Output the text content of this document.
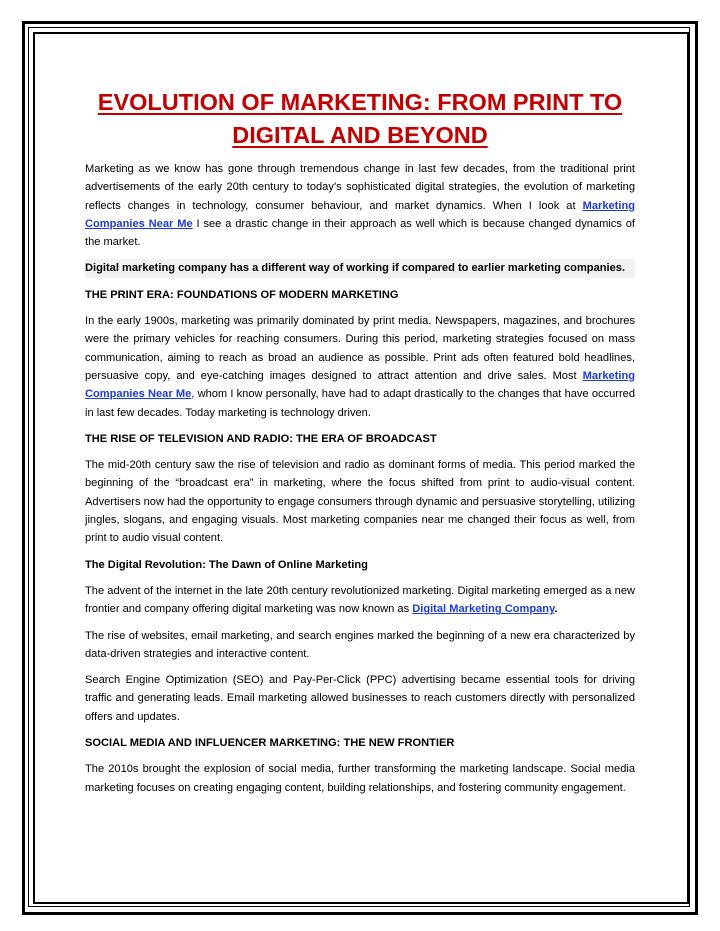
EVOLUTION OF MARKETING: FROM PRINT TO DIGITAL AND BEYOND

Marketing as we know has gone through tremendous change in last few decades, from the traditional print advertisements of the early 20th century to today’s sophisticated digital strategies, the evolution of marketing reflects changes in technology, consumer behaviour, and market dynamics. When I look at Marketing Companies Near Me I see a drastic change in their approach as well which is because changed dynamics of the market.

Digital marketing company has a different way of working if compared to earlier marketing companies.

THE PRINT ERA: FOUNDATIONS OF MODERN MARKETING

In the early 1900s, marketing was primarily dominated by print media. Newspapers, magazines, and brochures were the primary vehicles for reaching consumers. During this period, marketing strategies focused on mass communication, aiming to reach as broad an audience as possible. Print ads often featured bold headlines, persuasive copy, and eye-catching images designed to attract attention and drive sales. Most Marketing Companies Near Me, whom I know personally, have had to adapt drastically to the changes that have occurred in last few decades. Today marketing is technology driven.

THE RISE OF TELEVISION AND RADIO: THE ERA OF BROADCAST

The mid-20th century saw the rise of television and radio as dominant forms of media. This period marked the beginning of the “broadcast era” in marketing, where the focus shifted from print to audio-visual content. Advertisers now had the opportunity to engage consumers through dynamic and persuasive storytelling, utilizing jingles, slogans, and engaging visuals. Most marketing companies near me changed their focus as well, from print to audio visual content.

The Digital Revolution: The Dawn of Online Marketing

The advent of the internet in the late 20th century revolutionized marketing. Digital marketing emerged as a new frontier and company offering digital marketing was now known as Digital Marketing Company.

The rise of websites, email marketing, and search engines marked the beginning of a new era characterized by data-driven strategies and interactive content.

Search Engine Optimization (SEO) and Pay-Per-Click (PPC) advertising became essential tools for driving traffic and generating leads. Email marketing allowed businesses to reach customers directly with personalized offers and updates.

SOCIAL MEDIA AND INFLUENCER MARKETING: THE NEW FRONTIER

The 2010s brought the explosion of social media, further transforming the marketing landscape. Social media marketing focuses on creating engaging content, building relationships, and fostering community engagement.
